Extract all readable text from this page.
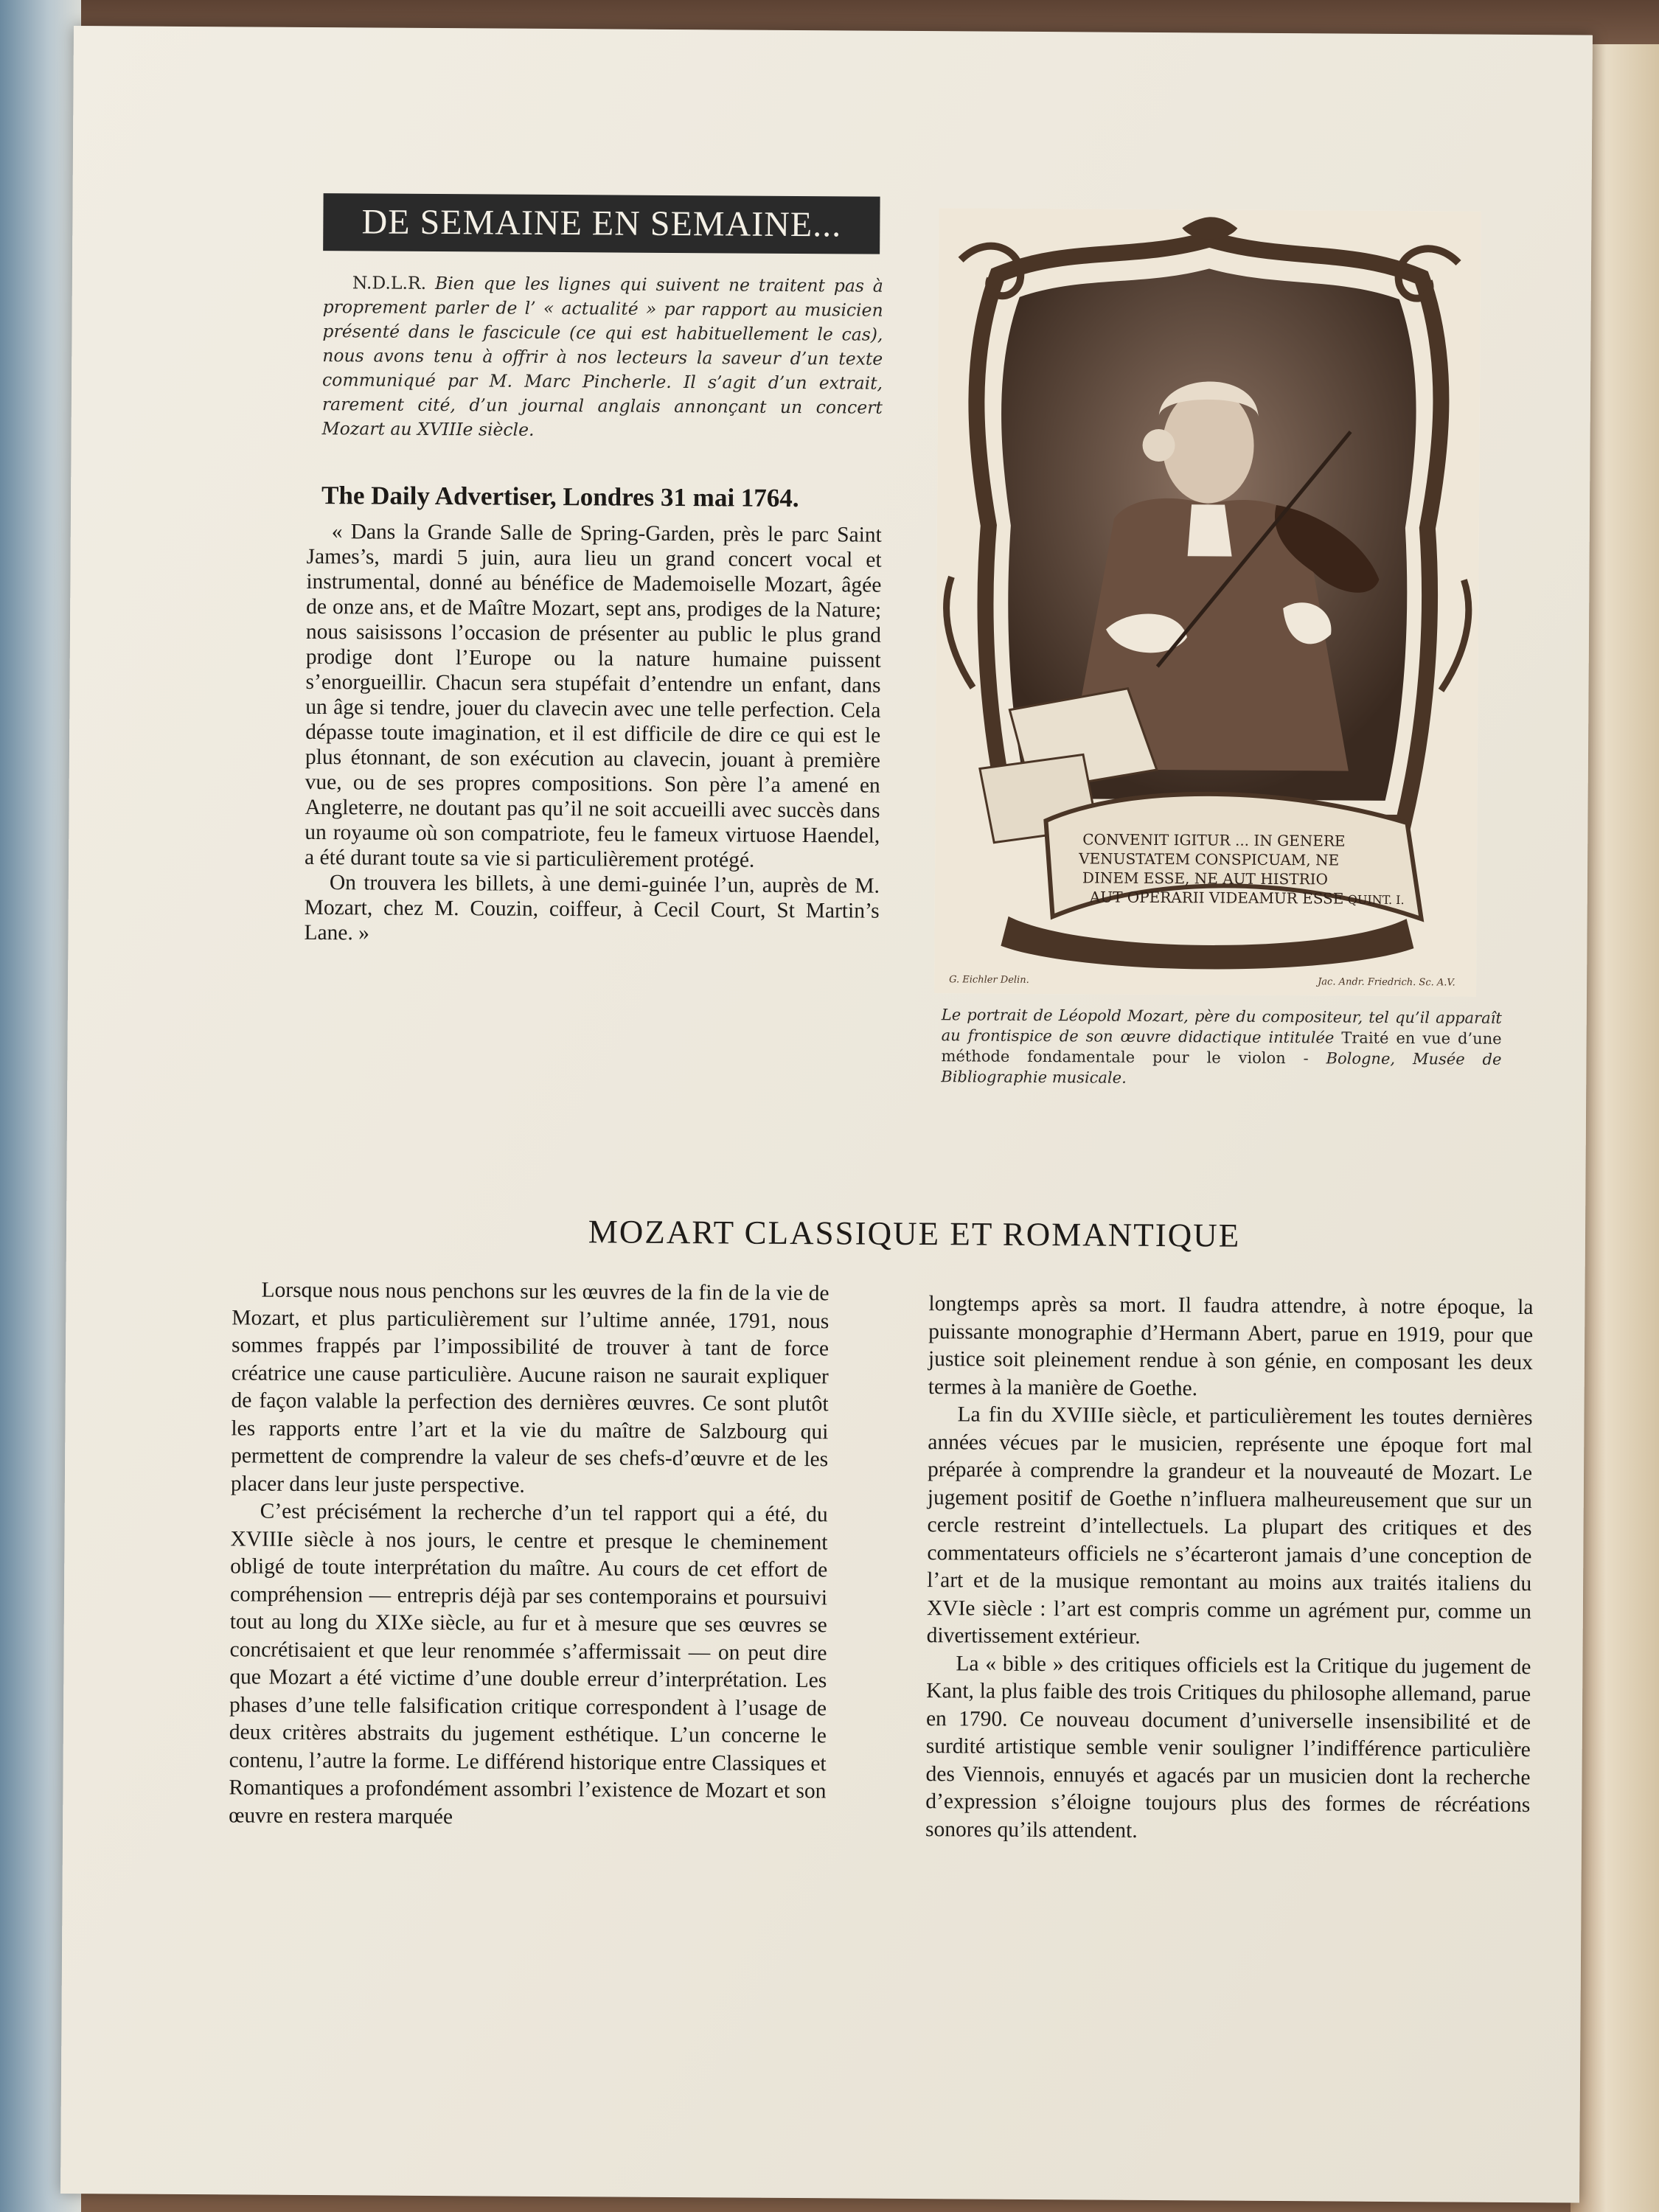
DE SEMAINE EN SEMAINE...
N.D.L.R. Bien que les lignes qui suivent ne traitent pas à proprement parler de l’ « actualité » par rapport au musicien présenté dans le fascicule (ce qui est habituellement le cas), nous avons tenu à offrir à nos lecteurs la saveur d’un texte communiqué par M. Marc Pincherle. Il s’agit d’un extrait, rarement cité, d’un journal anglais annonçant un concert Mozart au XVIIIe siècle.
The Daily Advertiser, Londres 31 mai 1764.

« Dans la Grande Salle de Spring-Garden, près le parc Saint James’s, mardi 5 juin, aura lieu un grand concert vocal et instrumental, donné au bénéfice de Mademoiselle Mozart, âgée de onze ans, et de Maître Mozart, sept ans, prodiges de la Nature; nous saisissons l’occasion de présenter au public le plus grand prodige dont l’Europe ou la nature humaine puissent s’enorgueillir. Chacun sera stupéfait d’entendre un enfant, dans un âge si tendre, jouer du clavecin avec une telle perfection. Cela dépasse toute imagination, et il est difficile de dire ce qui est le plus étonnant, de son exécution au clavecin, jouant à première vue, ou de ses propres compositions. Son père l’a amené en Angleterre, ne doutant pas qu’il ne soit accueilli avec succès dans un royaume où son compatriote, feu le fameux virtuose Haendel, a été durant toute sa vie si particulièrement protégé.

On trouvera les billets, à une demi-guinée l’un, auprès de M. Mozart, chez M. Couzin, coiffeur, à Cecil Court, St Martin’s Lane. »

CONVENIT IGITUR ... IN GENERE
VENUSTATEM CONSPICUAM, NE
DINEM ESSE, NE AUT HISTRIO
AUT OPERARII VIDEAMUR ESSE QUINT. I.
G. Eichler Delin.	Jac. Andr. Friedrich. Sc. A.V.
Le portrait de Léopold Mozart, père du compositeur, tel qu’il apparaît au frontispice de son œuvre didactique intitulée Traité en vue d’une méthode fondamentale pour le violon - Bologne, Musée de Bibliographie musicale.
MOZART CLASSIQUE ET ROMANTIQUE

Lorsque nous nous penchons sur les œuvres de la fin de la vie de Mozart, et plus particulièrement sur l’ultime année, 1791, nous sommes frappés par l’impossibilité de trouver à tant de force créatrice une cause particulière. Aucune raison ne saurait expliquer de façon valable la perfection des dernières œuvres. Ce sont plutôt les rapports entre l’art et la vie du maître de Salzbourg qui permettent de comprendre la valeur de ses chefs-d’œuvre et de les placer dans leur juste perspective.

C’est précisément la recherche d’un tel rapport qui a été, du XVIIIe siècle à nos jours, le centre et presque le cheminement obligé de toute interprétation du maître. Au cours de cet effort de compréhension — entrepris déjà par ses contemporains et poursuivi tout au long du XIXe siècle, au fur et à mesure que ses œuvres se concrétisaient et que leur renommée s’affermissait — on peut dire que Mozart a été victime d’une double erreur d’interprétation. Les phases d’une telle falsification critique correspondent à l’usage de deux critères abstraits du jugement esthétique. L’un concerne le contenu, l’autre la forme. Le différend historique entre Classiques et Romantiques a profondément assombri l’existence de Mozart et son œuvre en restera marquée

longtemps après sa mort. Il faudra attendre, à notre époque, la puissante monographie d’Hermann Abert, parue en 1919, pour que justice soit pleinement rendue à son génie, en composant les deux termes à la manière de Goethe.

La fin du XVIIIe siècle, et particulièrement les toutes dernières années vécues par le musicien, représente une époque fort mal préparée à comprendre la grandeur et la nouveauté de Mozart. Le jugement positif de Goethe n’influera malheureusement que sur un cercle restreint d’intellectuels. La plupart des critiques et des commentateurs officiels ne s’écarteront jamais d’une conception de l’art et de la musique remontant au moins aux traités italiens du XVIe siècle : l’art est compris comme un agrément pur, comme un divertissement extérieur.

La « bible » des critiques officiels est la Critique du jugement de Kant, la plus faible des trois Critiques du philosophe allemand, parue en 1790. Ce nouveau document d’universelle insensibilité et de surdité artistique semble venir souligner l’indifférence particulière des Viennois, ennuyés et agacés par un musicien dont la recherche d’expression s’éloigne toujours plus des formes de récréations sonores qu’ils attendent.
